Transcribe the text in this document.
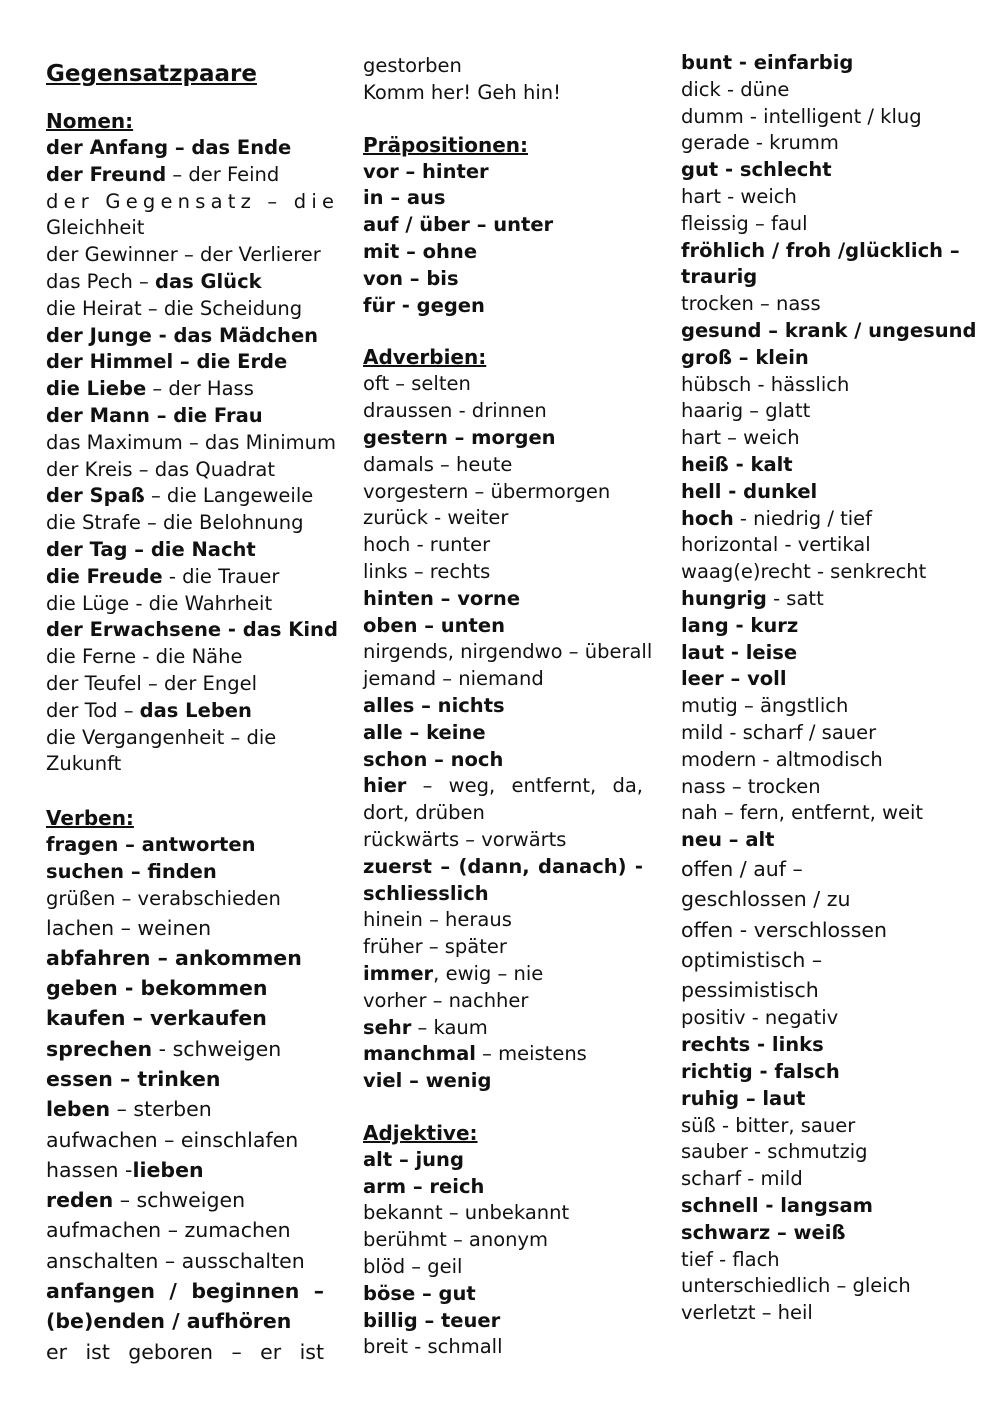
Gegensatzpaare
Nomen:
der Anfang – das Ende
der Freund – der Feind
der Gegensatz – die
Gleichheit
der Gewinner – der Verlierer
das Pech – das Glück
die Heirat – die Scheidung
der Junge - das Mädchen
der Himmel – die Erde
die Liebe – der Hass
der Mann – die Frau
das Maximum – das Minimum
der Kreis – das Quadrat
der Spaß – die Langeweile
die Strafe – die Belohnung
der Tag – die Nacht
die Freude - die Trauer
die Lüge - die Wahrheit
der Erwachsene - das Kind
die Ferne - die Nähe
der Teufel – der Engel
der Tod – das Leben
die Vergangenheit – die
Zukunft
Verben:
fragen – antworten
suchen – finden
grüßen – verabschieden
lachen – weinen
abfahren – ankommen
geben - bekommen
kaufen – verkaufen
sprechen - schweigen
essen – trinken
leben – sterben
aufwachen – einschlafen
hassen -lieben
reden – schweigen
aufmachen – zumachen
anschalten – ausschalten
anfangen / beginnen –
(be)enden / aufhören
er ist geboren – er ist
gestorben
Komm her! Geh hin!
Präpositionen:
vor – hinter
in – aus
auf / über – unter
mit – ohne
von – bis
für - gegen
Adverbien:
oft – selten
draussen - drinnen
gestern – morgen
damals – heute
vorgestern – übermorgen
zurück - weiter
hoch - runter
links – rechts
hinten – vorne
oben – unten
nirgends, nirgendwo – überall
jemand – niemand
alles – nichts
alle – keine
schon – noch
hier – weg, entfernt, da,
dort, drüben
rückwärts – vorwärts
zuerst – (dann, danach) -
schliesslich
hinein – heraus
früher – später
immer, ewig – nie
vorher – nachher
sehr – kaum
manchmal – meistens
viel – wenig
Adjektive:
alt – jung
arm – reich
bekannt – unbekannt
berühmt – anonym
blöd – geil
böse – gut
billig – teuer
breit - schmall
bunt - einfarbig
dick - düne
dumm - intelligent / klug
gerade - krumm
gut - schlecht
hart - weich
fleissig – faul
fröhlich / froh /glücklich –
traurig
trocken – nass
gesund – krank / ungesund
groß – klein
hübsch - hässlich
haarig – glatt
hart – weich
heiß - kalt
hell - dunkel
hoch - niedrig / tief
horizontal - vertikal
waag(e)recht - senkrecht
hungrig - satt
lang - kurz
laut - leise
leer – voll
mutig – ängstlich
mild - scharf / sauer
modern - altmodisch
nass – trocken
nah – fern, entfernt, weit
neu – alt
offen / auf –
geschlossen / zu
offen - verschlossen
optimistisch –
pessimistisch
positiv - negativ
rechts - links
richtig - falsch
ruhig – laut
süß - bitter, sauer
sauber - schmutzig
scharf - mild
schnell - langsam
schwarz – weiß
tief - flach
unterschiedlich – gleich
verletzt – heil
